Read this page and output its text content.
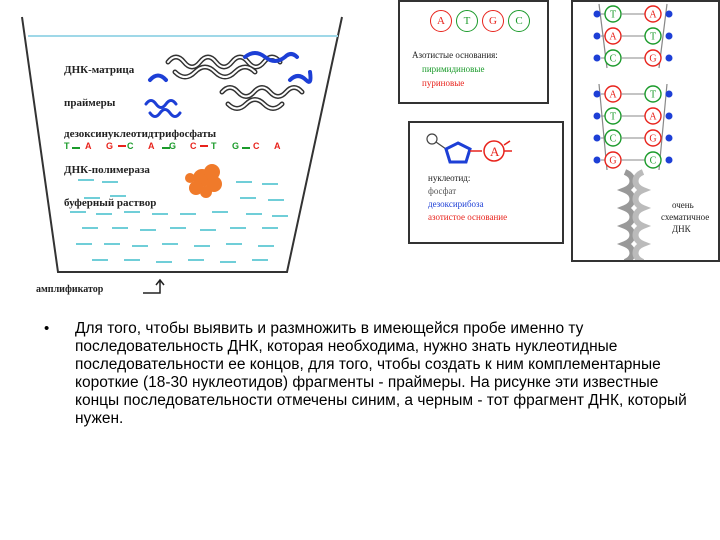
ДНК-матрица
праймеры
дезоксинуклеотидтрифосфаты
ДНК-полимераза
буферный раствор
амплификатор
Т А G С А G С Т G С А
А	Т	G	С
Азотистые основания:
пиримидиновые
пуриновые
А
нуклеотид:
фосфат
дезоксирибоза
азотистое основание
Т	А
А	Т
С	G
А	Т
Т	А
С	G
G	С
очень
схематичное
ДНК
• Для того, чтобы выявить и размножить в имеющейся пробе именно ту последовательность ДНК, которая необходима, нужно знать нуклеотидные последовательности ее концов, для того, чтобы создать к ним комплементарные короткие (18-30 нуклеотидов) фрагменты - праймеры. На рисунке эти известные концы последовательности отмечены синим, а черным - тот фрагмент ДНК, который нужен.
